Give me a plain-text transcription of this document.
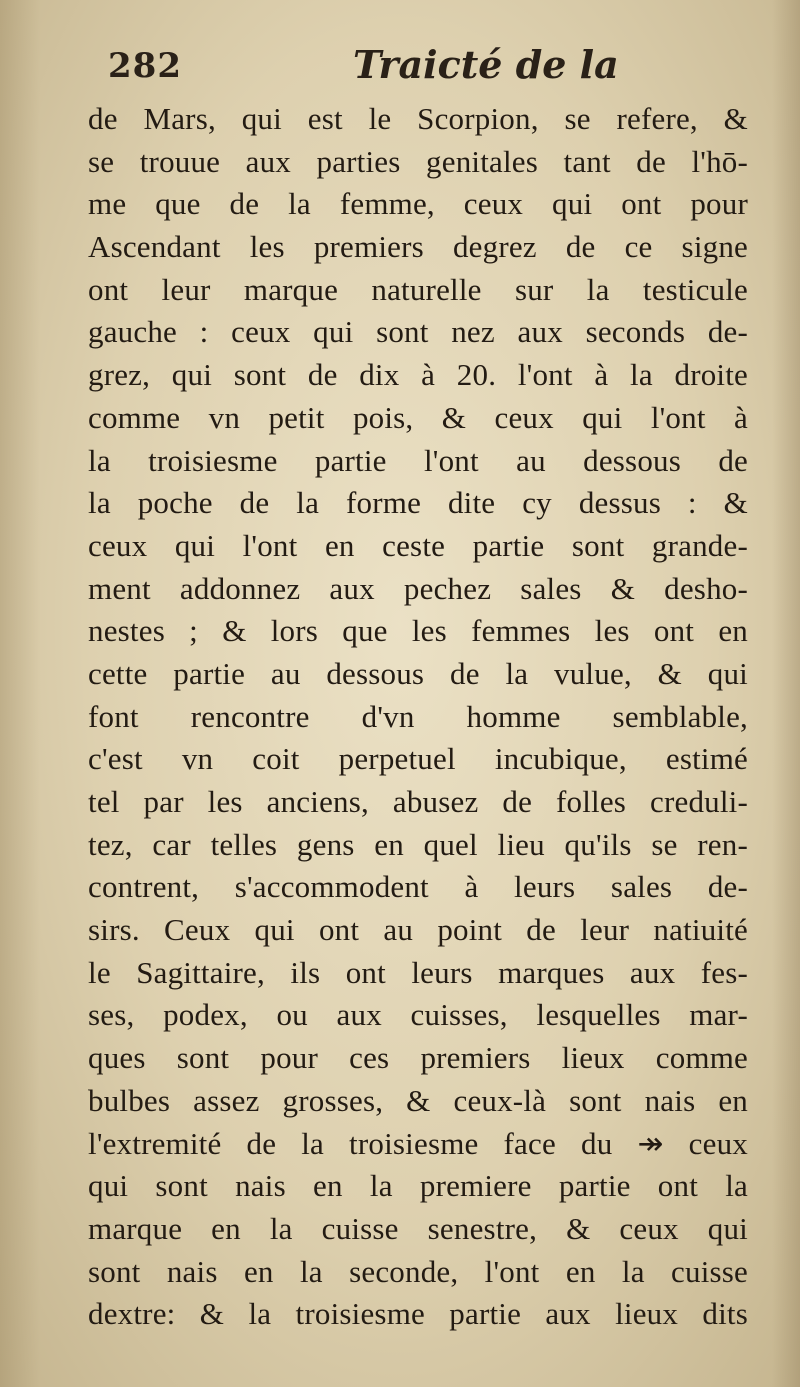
282	Traicté de la
de Mars, qui est le Scorpion, se refere, &
se trouue aux parties genitales tant de l'hō-
me que de la femme, ceux qui ont pour
Ascendant les premiers degrez de ce signe
ont leur marque naturelle sur la testicule
gauche : ceux qui sont nez aux seconds de-
grez, qui sont de dix à 20. l'ont à la droite
comme vn petit pois, & ceux qui l'ont à
la troisiesme partie l'ont au dessous de
la poche de la forme dite cy dessus : &
ceux qui l'ont en ceste partie sont grande-
ment addonnez aux pechez sales & desho-
nestes ; & lors que les femmes les ont en
cette partie au dessous de la vulue, & qui
font rencontre d'vn homme semblable,
c'est vn coit perpetuel incubique, estimé
tel par les anciens, abusez de folles creduli-
tez, car telles gens en quel lieu qu'ils se ren-
contrent, s'accommodent à leurs sales de-
sirs. Ceux qui ont au point de leur natiuité
le Sagittaire, ils ont leurs marques aux fes-
ses, podex, ou aux cuisses, lesquelles mar-
ques sont pour ces premiers lieux comme
bulbes assez grosses, & ceux-là sont nais en
l'extremité de la troisiesme face du ↠ ceux
qui sont nais en la premiere partie ont la
marque en la cuisse senestre, & ceux qui
sont nais en la seconde, l'ont en la cuisse
dextre: & la troisiesme partie aux lieux dits
